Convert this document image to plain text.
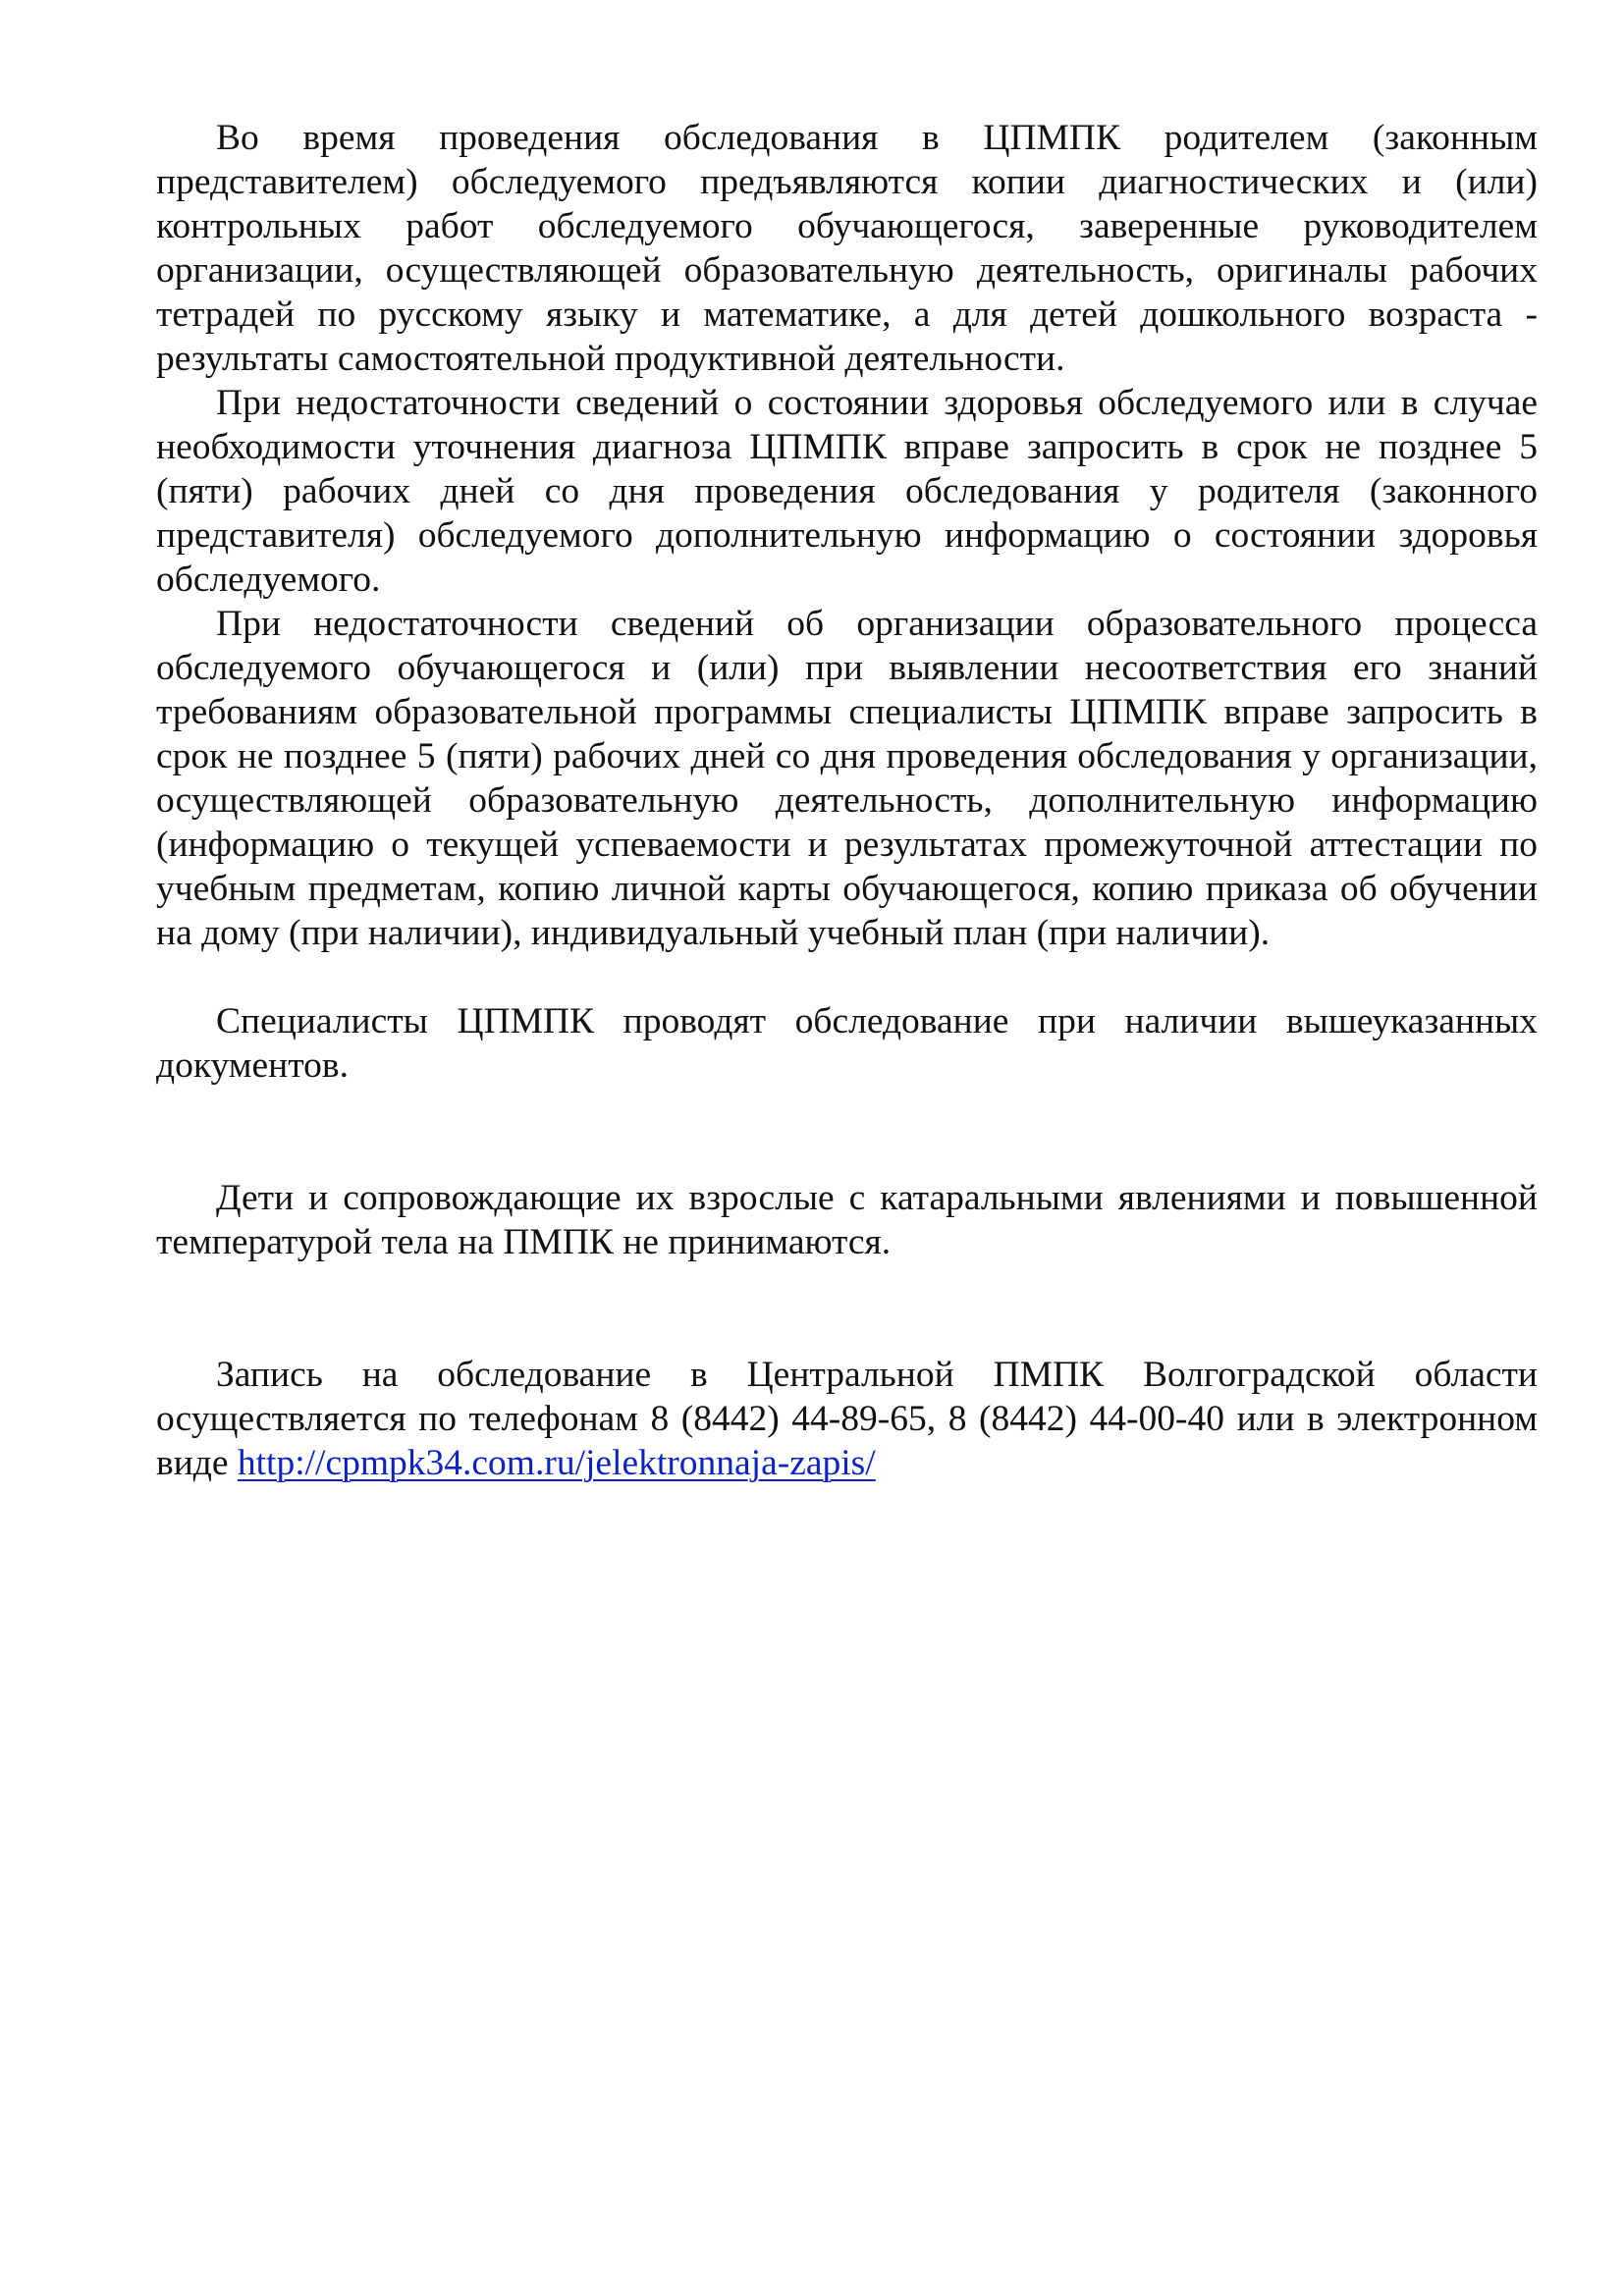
Во время проведения обследования в ЦПМПК родителем (законным представителем) обследуемого предъявляются копии диагностических и (или) контрольных работ обследуемого обучающегося, заверенные руководителем организации, осуществляющей образовательную деятельность, оригиналы рабочих тетрадей по русскому языку и математике, а для детей дошкольного возраста - результаты самостоятельной продуктивной деятельности.

При недостаточности сведений о состоянии здоровья обследуемого или в случае необходимости уточнения диагноза ЦПМПК вправе запросить в срок не позднее 5 (пяти) рабочих дней со дня проведения обследования у родителя (законного представителя) обследуемого дополнительную информацию о состоянии здоровья обследуемого.

При недостаточности сведений об организации образовательного процесса обследуемого обучающегося и (или) при выявлении несоответствия его знаний требованиям образовательной программы специалисты ЦПМПК вправе запросить в срок не позднее 5 (пяти) рабочих дней со дня проведения обследования у организации, осуществляющей образовательную деятельность, дополнительную информацию (информацию о текущей успеваемости и результатах промежуточной аттестации по учебным предметам, копию личной карты обучающегося, копию приказа об обучении на дому (при наличии), индивидуальный учебный план (при наличии).

Специалисты ЦПМПК проводят обследование при наличии вышеуказанных документов.

Дети и сопровождающие их взрослые с катаральными явлениями и повышенной температурой тела на ПМПК не принимаются.

Запись на обследование в Центральной ПМПК Волгоградской области осуществляется по телефонам 8 (8442) 44-89-65, 8 (8442) 44-00-40 или в электронном виде http://cpmpk34.com.ru/jelektronnaja-zapis/
